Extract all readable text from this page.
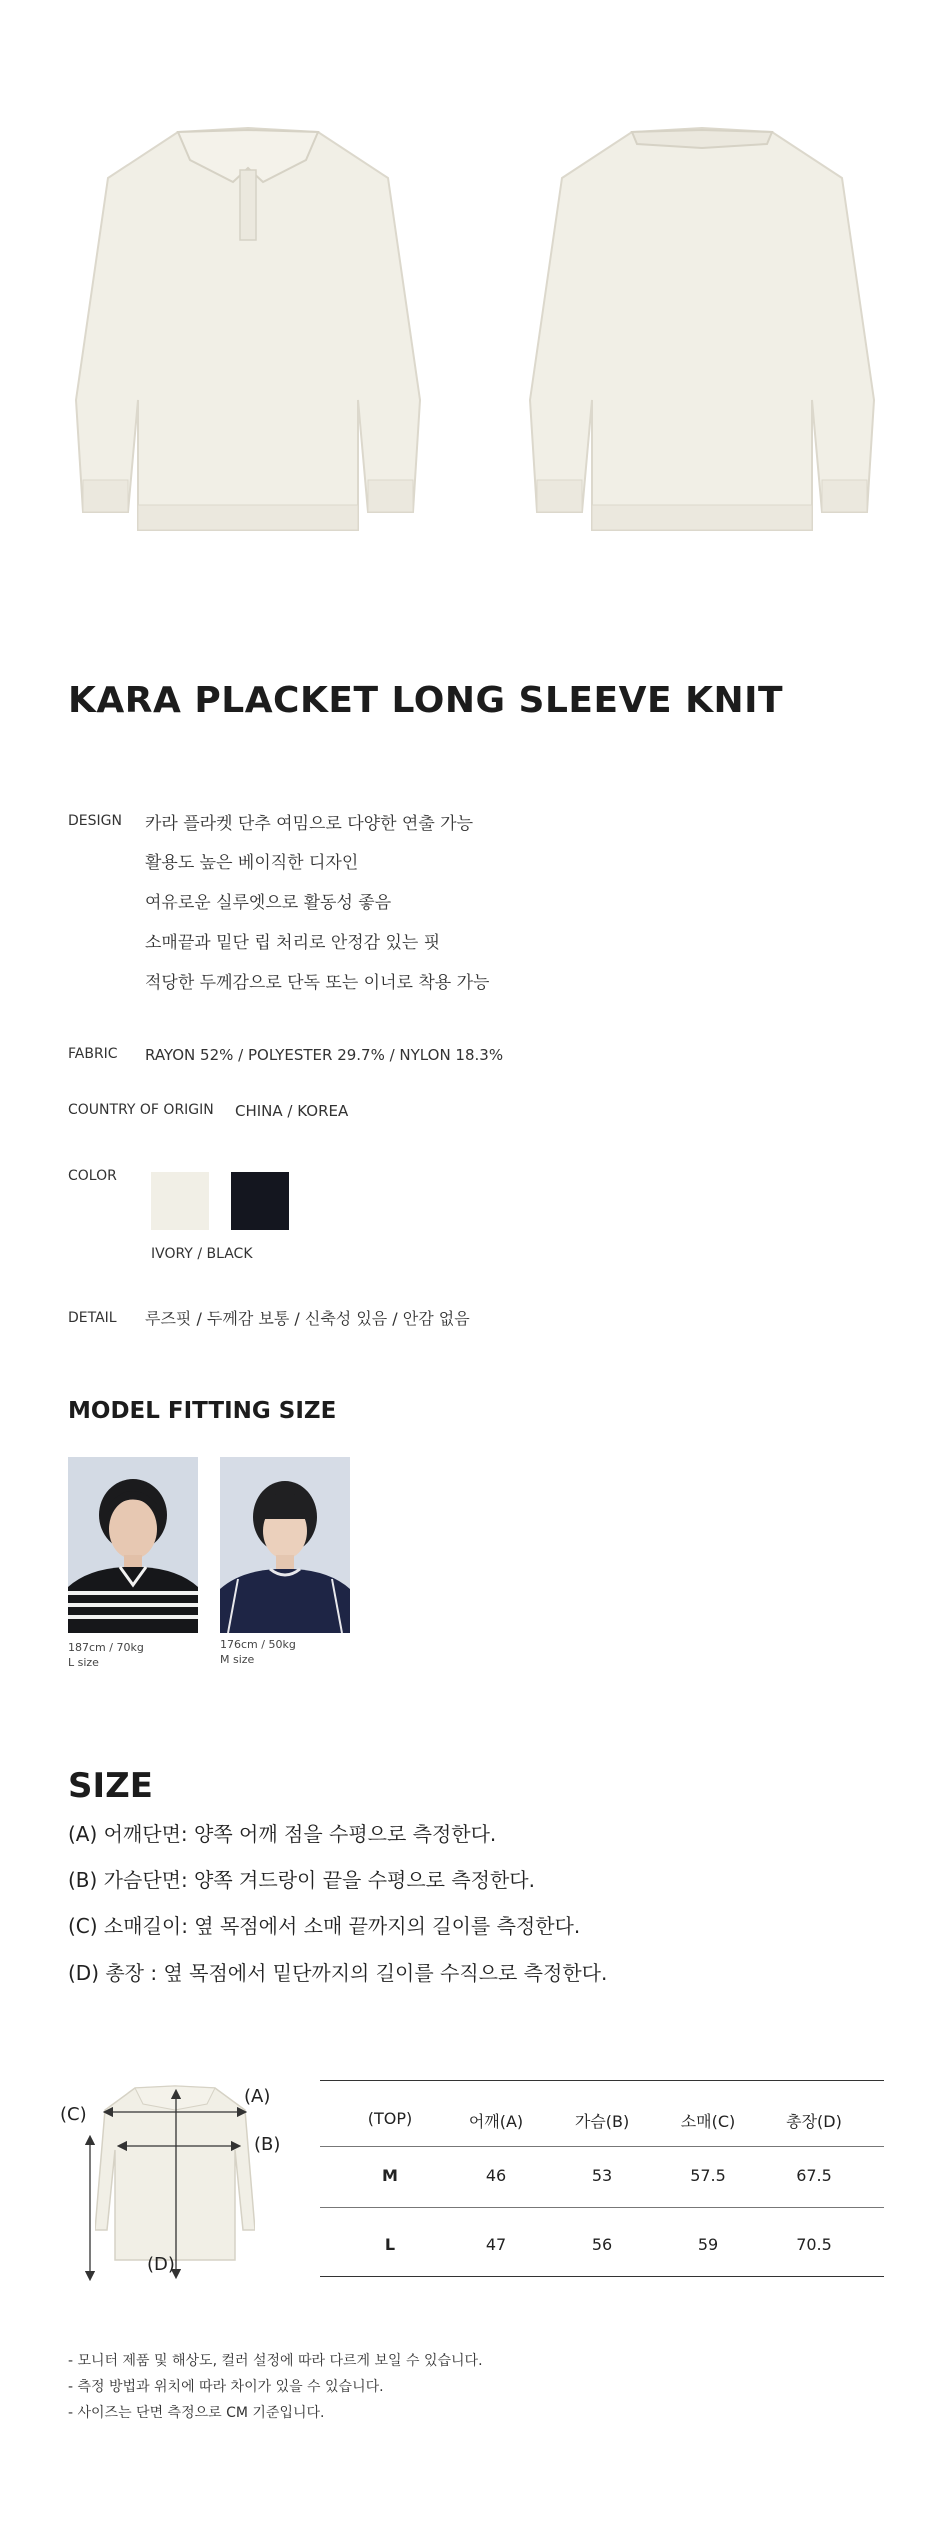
KARA PLACKET LONG SLEEVE KNIT
DESIGN 카라 플라켓 단추 여밈으로 다양한 연출 가능
활용도 높은 베이직한 디자인
여유로운 실루엣으로 활동성 좋음
소매끝과 밑단 립 처리로 안정감 있는 핏
적당한 두께감으로 단독 또는 이너로 착용 가능
FABRIC RAYON 52% / POLYESTER 29.7% / NYLON 18.3%
COUNTRY OF ORIGIN CHINA / KOREA
COLOR
IVORY / BLACK
DETAIL 루즈핏 / 두께감 보통 / 신축성 있음 / 안감 없음
MODEL FITTING SIZE
187cm / 70kg
L size
176cm / 50kg
M size
SIZE
(A) 어깨단면: 양쪽 어깨 점을 수평으로 측정한다.
(B) 가슴단면: 양쪽 겨드랑이 끝을 수평으로 측정한다.
(C) 소매길이: 옆 목점에서 소매 끝까지의 길이를 측정한다.
(D) 총장 : 옆 목점에서 밑단까지의 길이를 수직으로 측정한다.
(A)
(B)
(C)
(D)
(TOP)	어깨(A)	가슴(B)	소매(C)	총장(D)
M	46	53	57.5	67.5
L	47	56	59	70.5
- 모니터 제품 및 해상도, 컬러 설정에 따라 다르게 보일 수 있습니다.
- 측정 방법과 위치에 따라 차이가 있을 수 있습니다.
- 사이즈는 단면 측정으로 CM 기준입니다.
